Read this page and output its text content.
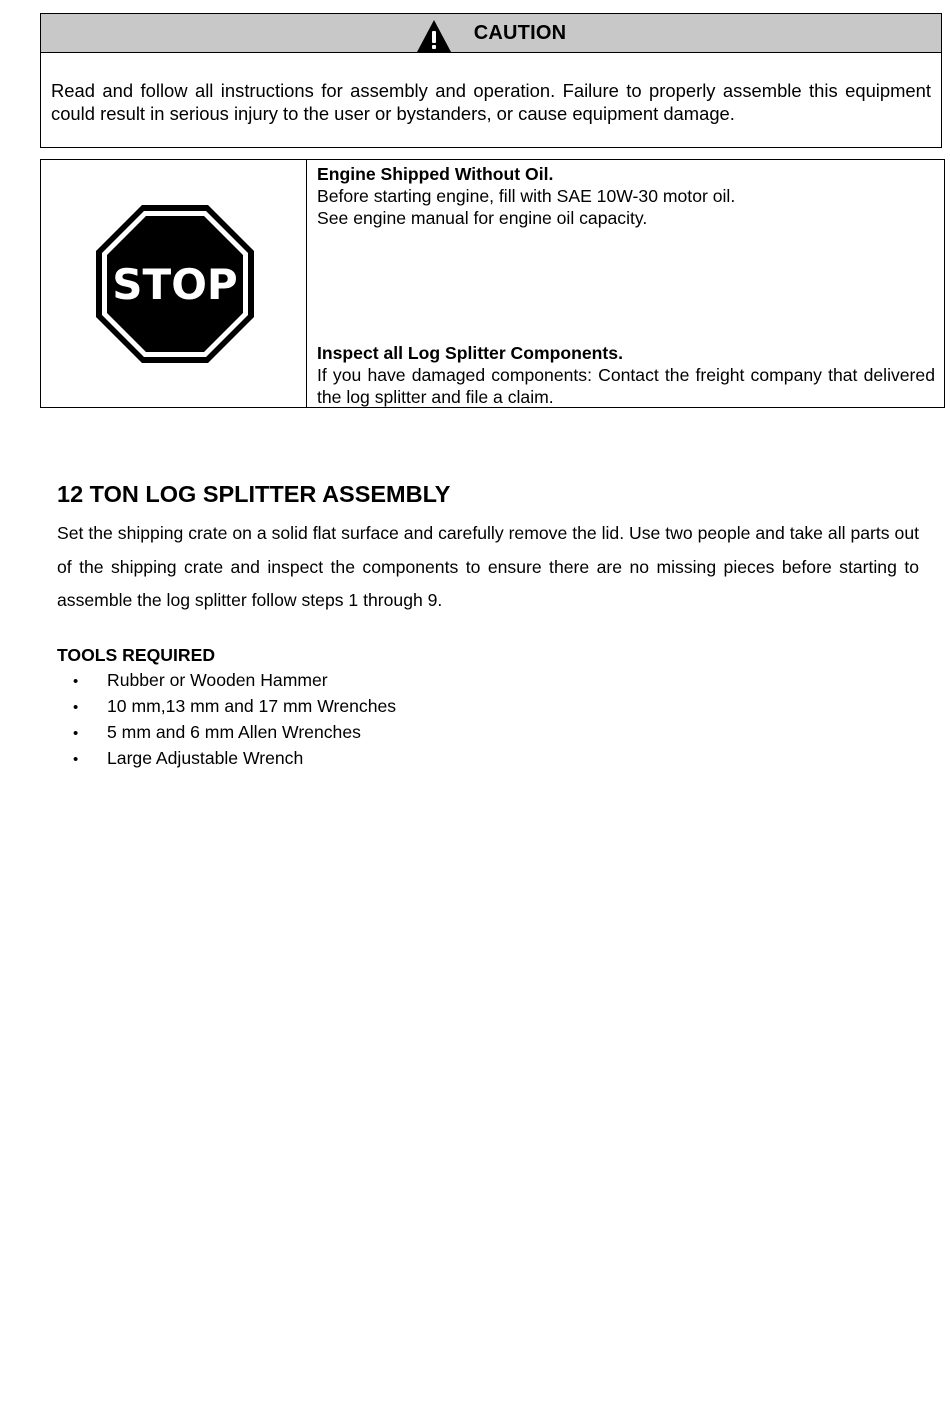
CAUTION
Read and follow all instructions for assembly and operation. Failure to properly assemble this equipment could result in serious injury to the user or bystanders, or cause equipment damage.
STOP
Engine Shipped Without Oil.
Before starting engine, fill with SAE 10W-30 motor oil.
See engine manual for engine oil capacity.
Inspect all Log Splitter Components.
If you have damaged components: Contact the freight company that delivered the log splitter and file a claim.
12 TON LOG SPLITTER ASSEMBLY

Set the shipping crate on a solid flat surface and carefully remove the lid. Use two people and take all parts out of the shipping crate and inspect the components to ensure there are no missing pieces before starting to assemble the log splitter follow steps 1 through 9.

TOOLS REQUIRED
•	Rubber or Wooden Hammer
•	10 mm,13 mm and 17 mm Wrenches
•	5 mm and 6 mm Allen Wrenches
•	Large Adjustable Wrench
